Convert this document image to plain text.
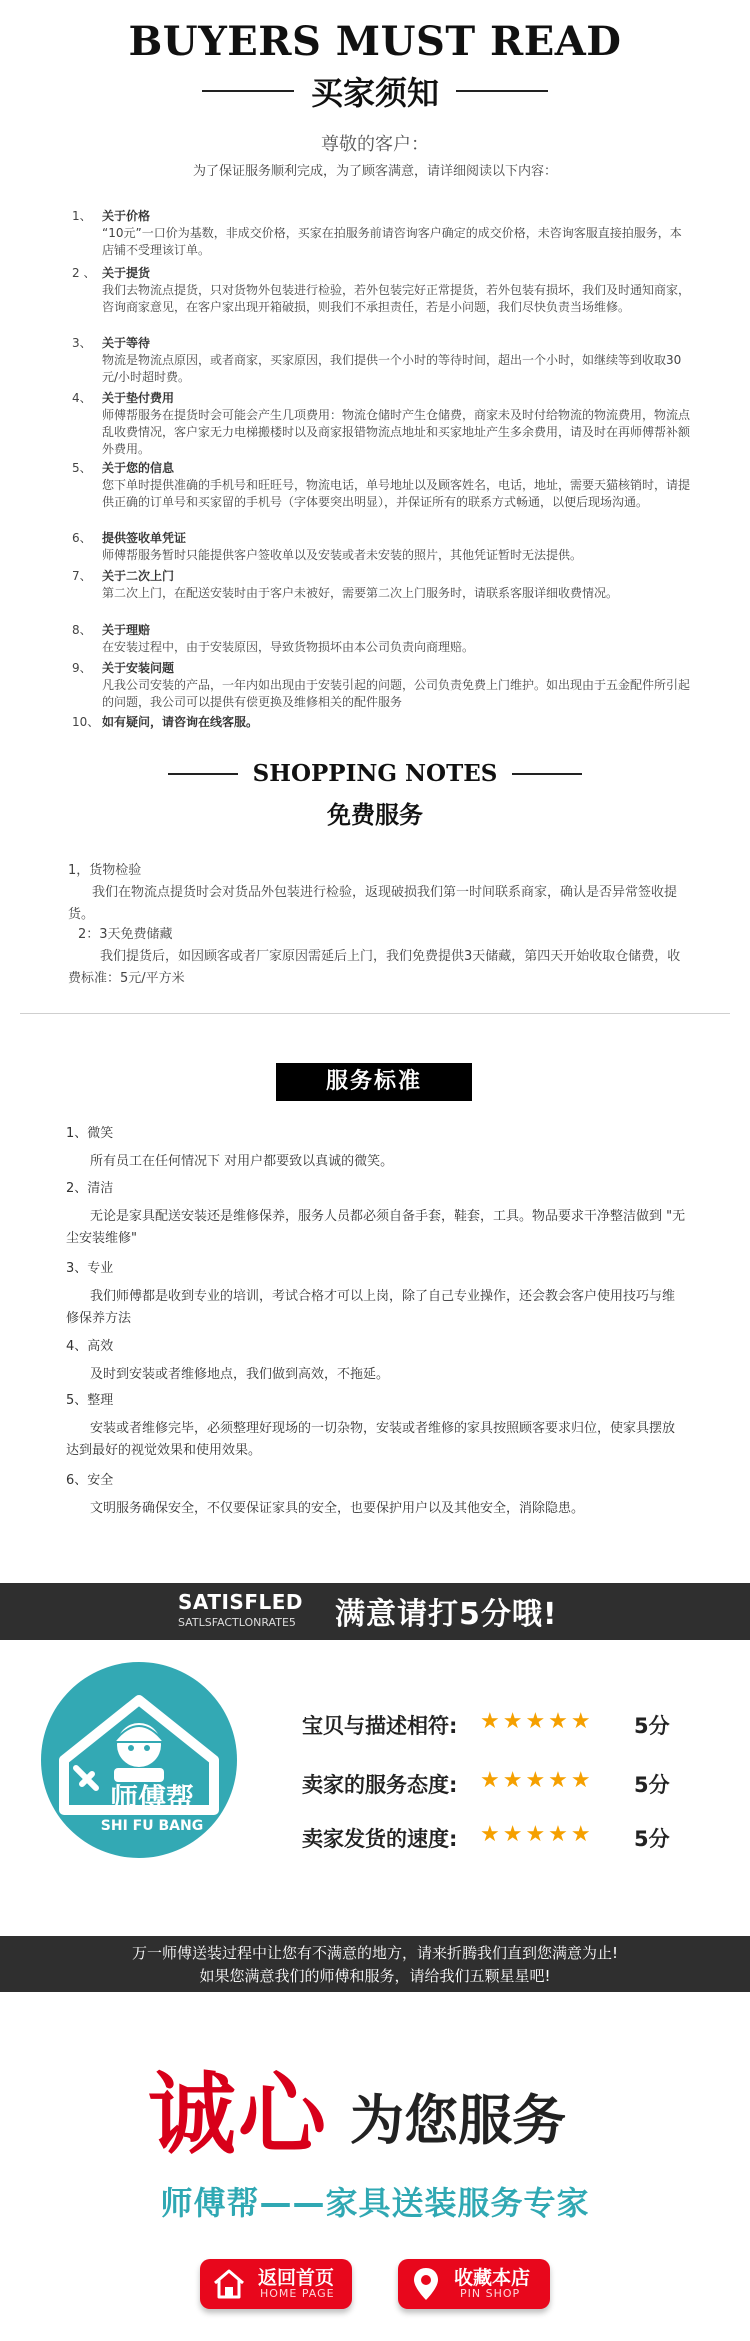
BUYERS MUST READ
买家须知
尊敬的客户：
为了保证服务顺利完成，为了顾客满意，请详细阅读以下内容：
1、 关于价格
“10元”一口价为基数，非成交价格，买家在拍服务前请咨询客户确定的成交价格，未咨询客服直接拍服务，本店铺不受理该订单。
2 、 关于提货
我们去物流点提货，只对货物外包装进行检验，若外包装完好正常提货，若外包装有损坏，我们及时通知商家，咨询商家意见，在客户家出现开箱破损，则我们不承担责任，若是小问题，我们尽快负责当场维修。
3、 关于等待
物流是物流点原因，或者商家，买家原因，我们提供一个小时的等待时间，超出一个小时，如继续等到收取30元/小时超时费。
4、 关于垫付费用
师傅帮服务在提货时会可能会产生几项费用：物流仓储时产生仓储费，商家未及时付给物流的物流费用，物流点乱收费情况，客户家无力电梯搬楼时以及商家报错物流点地址和买家地址产生多余费用，请及时在再师傅帮补额外费用。
5、 关于您的信息
您下单时提供准确的手机号和旺旺号，物流电话，单号地址以及顾客姓名，电话，地址，需要天猫核销时，请提供正确的订单号和买家留的手机号（字体要突出明显），并保证所有的联系方式畅通，以便后现场沟通。
6、 提供签收单凭证
师傅帮服务暂时只能提供客户签收单以及安装或者未安装的照片，其他凭证暂时无法提供。
7、 关于二次上门
第二次上门，在配送安装时由于客户未被好，需要第二次上门服务时，请联系客服详细收费情况。
8、 关于理赔
在安装过程中，由于安装原因，导致货物损坏由本公司负责向商理赔。
9、 关于安装问题
凡我公司安装的产品，一年内如出现由于安装引起的问题，公司负责免费上门维护。如出现由于五金配件所引起的问题，我公司可以提供有偿更换及维修相关的配件服务
10、 如有疑问，请咨询在线客服。
SHOPPING NOTES
免费服务
1，货物检验
我们在物流点提货时会对货品外包装进行检验，返现破损我们第一时间联系商家，确认是否异常签收提货。
2：3天免费储藏
我们提货后，如因顾客或者厂家原因需延后上门，我们免费提供3天储藏，第四天开始收取仓储费，收费标准：5元/平方米
服务标准
1、微笑
所有员工在任何情况下 对用户都要致以真诚的微笑。
2、清洁
无论是家具配送安装还是维修保养，服务人员都必须自备手套，鞋套，工具。物品要求干净整洁做到 "无尘安装维修"
3、专业
我们师傅都是收到专业的培训，考试合格才可以上岗，除了自己专业操作，还会教会客户使用技巧与维修保养方法
4、高效
及时到安装或者维修地点，我们做到高效，不拖延。
5、整理
安装或者维修完毕，必须整理好现场的一切杂物，安装或者维修的家具按照顾客要求归位，使家具摆放达到最好的视觉效果和使用效果。
6、安全
文明服务确保安全，不仅要保证家具的安全，也要保护用户以及其他安全，消除隐患。
SATISFLED
SATLSFACTLONRATE5 满意请打5分哦!
师傅帮
SHI FU BANG
宝贝与描述相符: ★★★★★ 5分
卖家的服务态度: ★★★★★ 5分
卖家发货的速度: ★★★★★ 5分
万一师傅送装过程中让您有不满意的地方，请来折腾我们直到您满意为止!
如果您满意我们的师傅和服务，请给我们五颗星星吧!
诚心 为您服务
师傅帮——家具送装服务专家
返回首页
HOME PAGE
收藏本店
PIN SHOP
